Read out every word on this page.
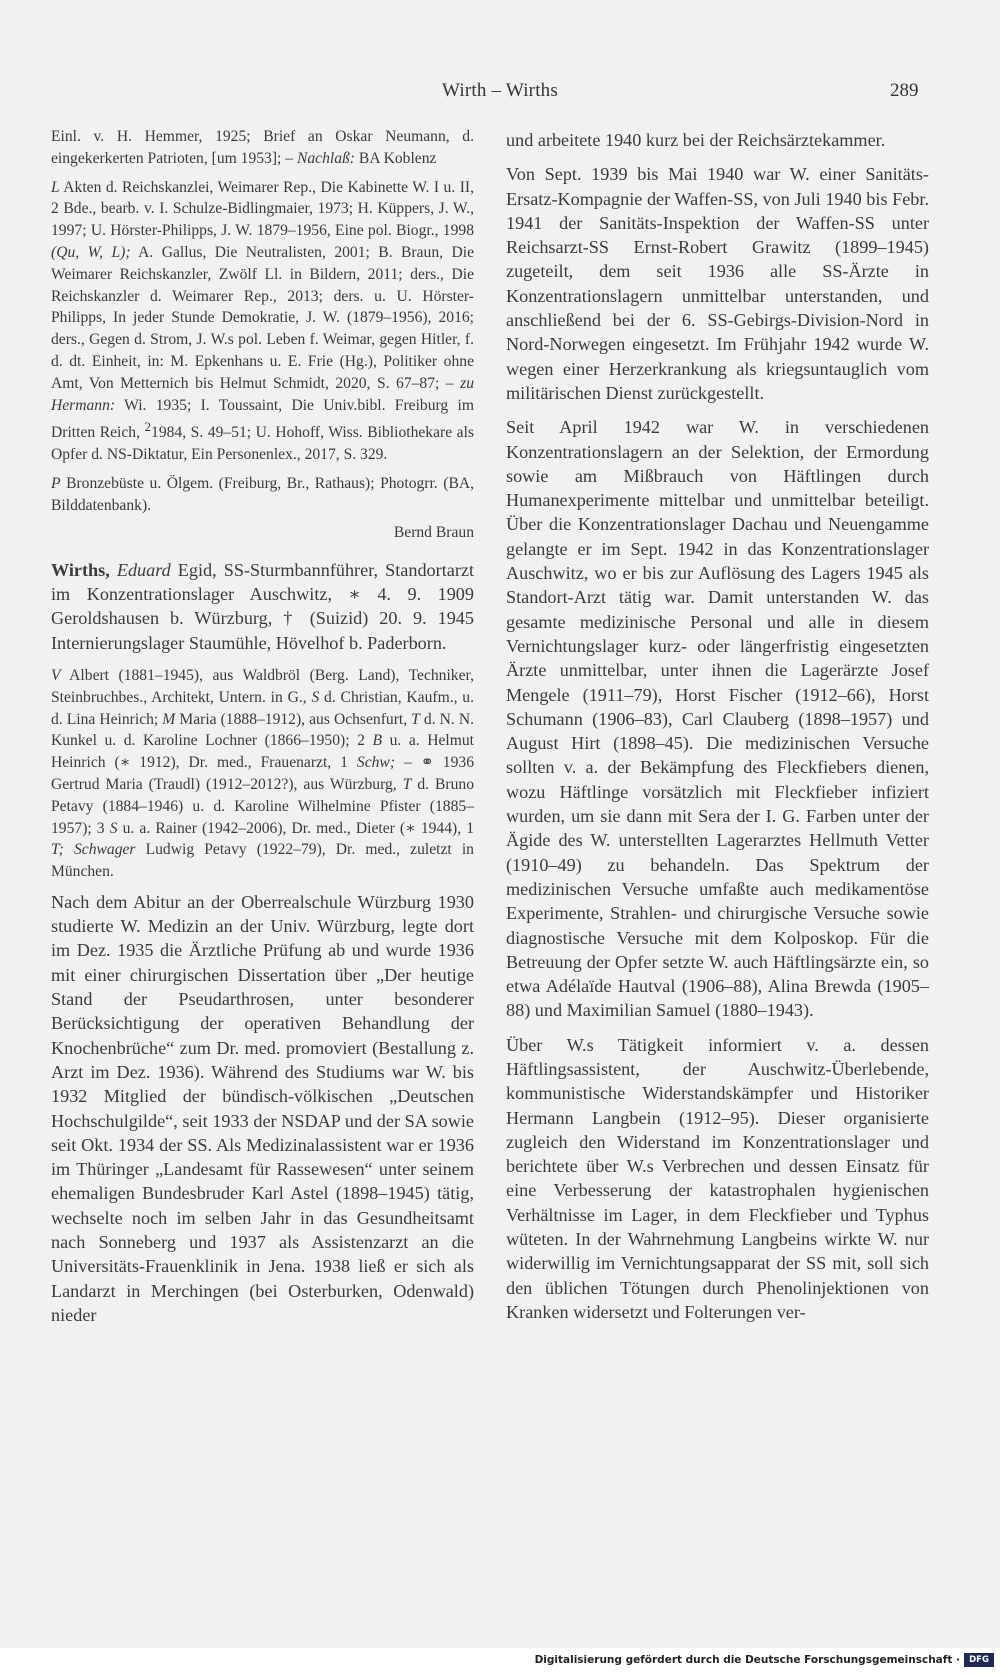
Wirth – Wirths	289

Einl. v. H. Hemmer, 1925; Brief an Oskar Neumann, d. eingekerkerten Patrioten, [um 1953]; – Nachlaß: BA Koblenz

L Akten d. Reichskanzlei, Weimarer Rep., Die Kabinette W. I u. II, 2 Bde., bearb. v. I. Schulze-Bidlingmaier, 1973; H. Küppers, J. W., 1997; U. Hörster-Philipps, J. W. 1879–1956, Eine pol. Biogr., 1998 (Qu, W, L); A. Gallus, Die Neutralisten, 2001; B. Braun, Die Weimarer Reichskanzler, Zwölf Ll. in Bildern, 2011; ders., Die Reichskanzler d. Weimarer Rep., 2013; ders. u. U. Hörster-Philipps, In jeder Stunde Demokratie, J. W. (1879–1956), 2016; ders., Gegen d. Strom, J. W.s pol. Leben f. Weimar, gegen Hitler, f. d. dt. Einheit, in: M. Epkenhans u. E. Frie (Hg.), Politiker ohne Amt, Von Metternich bis Helmut Schmidt, 2020, S. 67–87; – zu Hermann: Wi. 1935; I. Toussaint, Die Univ.bibl. Freiburg im Dritten Reich, $^2$1984, S. 49–51; U. Hohoff, Wiss. Bibliothekare als Opfer d. NS-Diktatur, Ein Personenlex., 2017, S. 329.

P Bronzebüste u. Ölgem. (Freiburg, Br., Rathaus); Photogrr. (BA, Bilddatenbank).

Bernd Braun

Wirths, Eduard Egid, SS-Sturmbannführer, Standortarzt im Konzentrationslager Auschwitz, ∗ 4. 9. 1909 Geroldshausen b. Würzburg, † (Suizid) 20. 9. 1945 Internierungslager Staumühle, Hövelhof b. Paderborn.

V Albert (1881–1945), aus Waldbröl (Berg. Land), Techniker, Steinbruchbes., Architekt, Untern. in G., S d. Christian, Kaufm., u. d. Lina Heinrich; M Maria (1888–1912), aus Ochsenfurt, T d. N. N. Kunkel u. d. Karoline Lochner (1866–1950); 2 B u. a. Helmut Heinrich (∗ 1912), Dr. med., Frauenarzt, 1 Schw; – ⚭ 1936 Gertrud Maria (Traudl) (1912–2012?), aus Würzburg, T d. Bruno Petavy (1884–1946) u. d. Karoline Wilhelmine Pfister (1885–1957); 3 S u. a. Rainer (1942–2006), Dr. med., Dieter (∗ 1944), 1 T; Schwager Ludwig Petavy (1922–79), Dr. med., zuletzt in München.

Nach dem Abitur an der Oberrealschule Würzburg 1930 studierte W. Medizin an der Univ. Würzburg, legte dort im Dez. 1935 die Ärztliche Prüfung ab und wurde 1936 mit einer chirurgischen Dissertation über „Der heutige Stand der Pseudarthrosen, unter besonderer Berücksichtigung der operativen Behandlung der Knochenbrüche“ zum Dr. med. promoviert (Bestallung z. Arzt im Dez. 1936). Während des Studiums war W. bis 1932 Mitglied der bündisch-völkischen „Deutschen Hochschulgilde“, seit 1933 der NSDAP und der SA sowie seit Okt. 1934 der SS. Als Medizinalassistent war er 1936 im Thüringer „Landesamt für Rassewesen“ unter seinem ehemaligen Bundesbruder Karl Astel (1898–1945) tätig, wechselte noch im selben Jahr in das Gesundheitsamt nach Sonneberg und 1937 als Assistenzarzt an die Universitäts-Frauenklinik in Jena. 1938 ließ er sich als Landarzt in Merchingen (bei Osterburken, Odenwald) nieder

und arbeitete 1940 kurz bei der Reichsärztekammer.

Von Sept. 1939 bis Mai 1940 war W. einer Sanitäts-Ersatz-Kompagnie der Waffen-SS, von Juli 1940 bis Febr. 1941 der Sanitäts-Inspektion der Waffen-SS unter Reichsarzt-SS Ernst-Robert Grawitz (1899–1945) zugeteilt, dem seit 1936 alle SS-Ärzte in Konzentrationslagern unmittelbar unterstanden, und anschließend bei der 6. SS-Gebirgs-Division-Nord in Nord-Norwegen eingesetzt. Im Frühjahr 1942 wurde W. wegen einer Herzerkrankung als kriegsuntauglich vom militärischen Dienst zurückgestellt.

Seit April 1942 war W. in verschiedenen Konzentrationslagern an der Selektion, der Ermordung sowie am Mißbrauch von Häftlingen durch Humanexperimente mittelbar und unmittelbar beteiligt. Über die Konzentrationslager Dachau und Neuengamme gelangte er im Sept. 1942 in das Konzentrationslager Auschwitz, wo er bis zur Auflösung des Lagers 1945 als Standort-Arzt tätig war. Damit unterstanden W. das gesamte medizinische Personal und alle in diesem Vernichtungslager kurz- oder längerfristig eingesetzten Ärzte unmittelbar, unter ihnen die Lagerärzte Josef Mengele (1911–79), Horst Fischer (1912–66), Horst Schumann (1906–83), Carl Clauberg (1898–1957) und August Hirt (1898–45). Die medizinischen Versuche sollten v. a. der Bekämpfung des Fleckfiebers dienen, wozu Häftlinge vorsätzlich mit Fleckfieber infiziert wurden, um sie dann mit Sera der I. G. Farben unter der Ägide des W. unterstellten Lagerarztes Hellmuth Vetter (1910–49) zu behandeln. Das Spektrum der medizinischen Versuche umfaßte auch medikamentöse Experimente, Strahlen- und chirurgische Versuche sowie diagnostische Versuche mit dem Kolposkop. Für die Betreuung der Opfer setzte W. auch Häftlingsärzte ein, so etwa Adélaïde Hautval (1906–88), Alina Brewda (1905–88) und Maximilian Samuel (1880–1943).

Über W.s Tätigkeit informiert v. a. dessen Häftlingsassistent, der Auschwitz-Überlebende, kommunistische Widerstandskämpfer und Historiker Hermann Langbein (1912–95). Dieser organisierte zugleich den Widerstand im Konzentrationslager und berichtete über W.s Verbrechen und dessen Einsatz für eine Verbesserung der katastrophalen hygienischen Verhältnisse im Lager, in dem Fleckfieber und Typhus wüteten. In der Wahrnehmung Langbeins wirkte W. nur widerwillig im Vernichtungsapparat der SS mit, soll sich den üblichen Tötungen durch Phenolinjektionen von Kranken widersetzt und Folterungen ver-

Digitalisierung gefördert durch die Deutsche Forschungsgemeinschaft ·	DFG
